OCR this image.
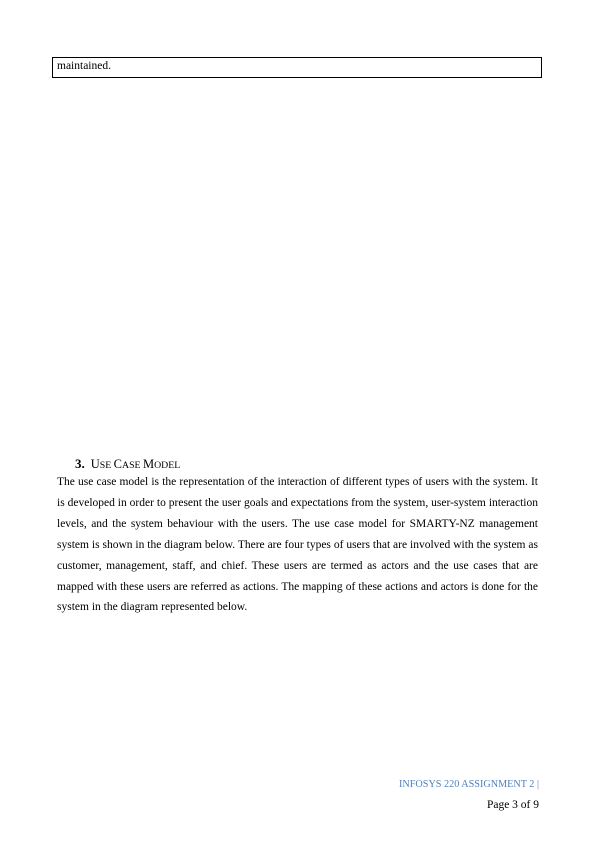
maintained.
3. USE CASE MODEL

The use case model is the representation of the interaction of different types of users with the system. It is developed in order to present the user goals and expectations from the system, user-system interaction levels, and the system behaviour with the users. The use case model for SMARTY-NZ management system is shown in the diagram below. There are four types of users that are involved with the system as customer, management, staff, and chief. These users are termed as actors and the use cases that are mapped with these users are referred as actions. The mapping of these actions and actors is done for the system in the diagram represented below.

INFOSYS 220 ASSIGNMENT 2 |
Page 3 of 9
